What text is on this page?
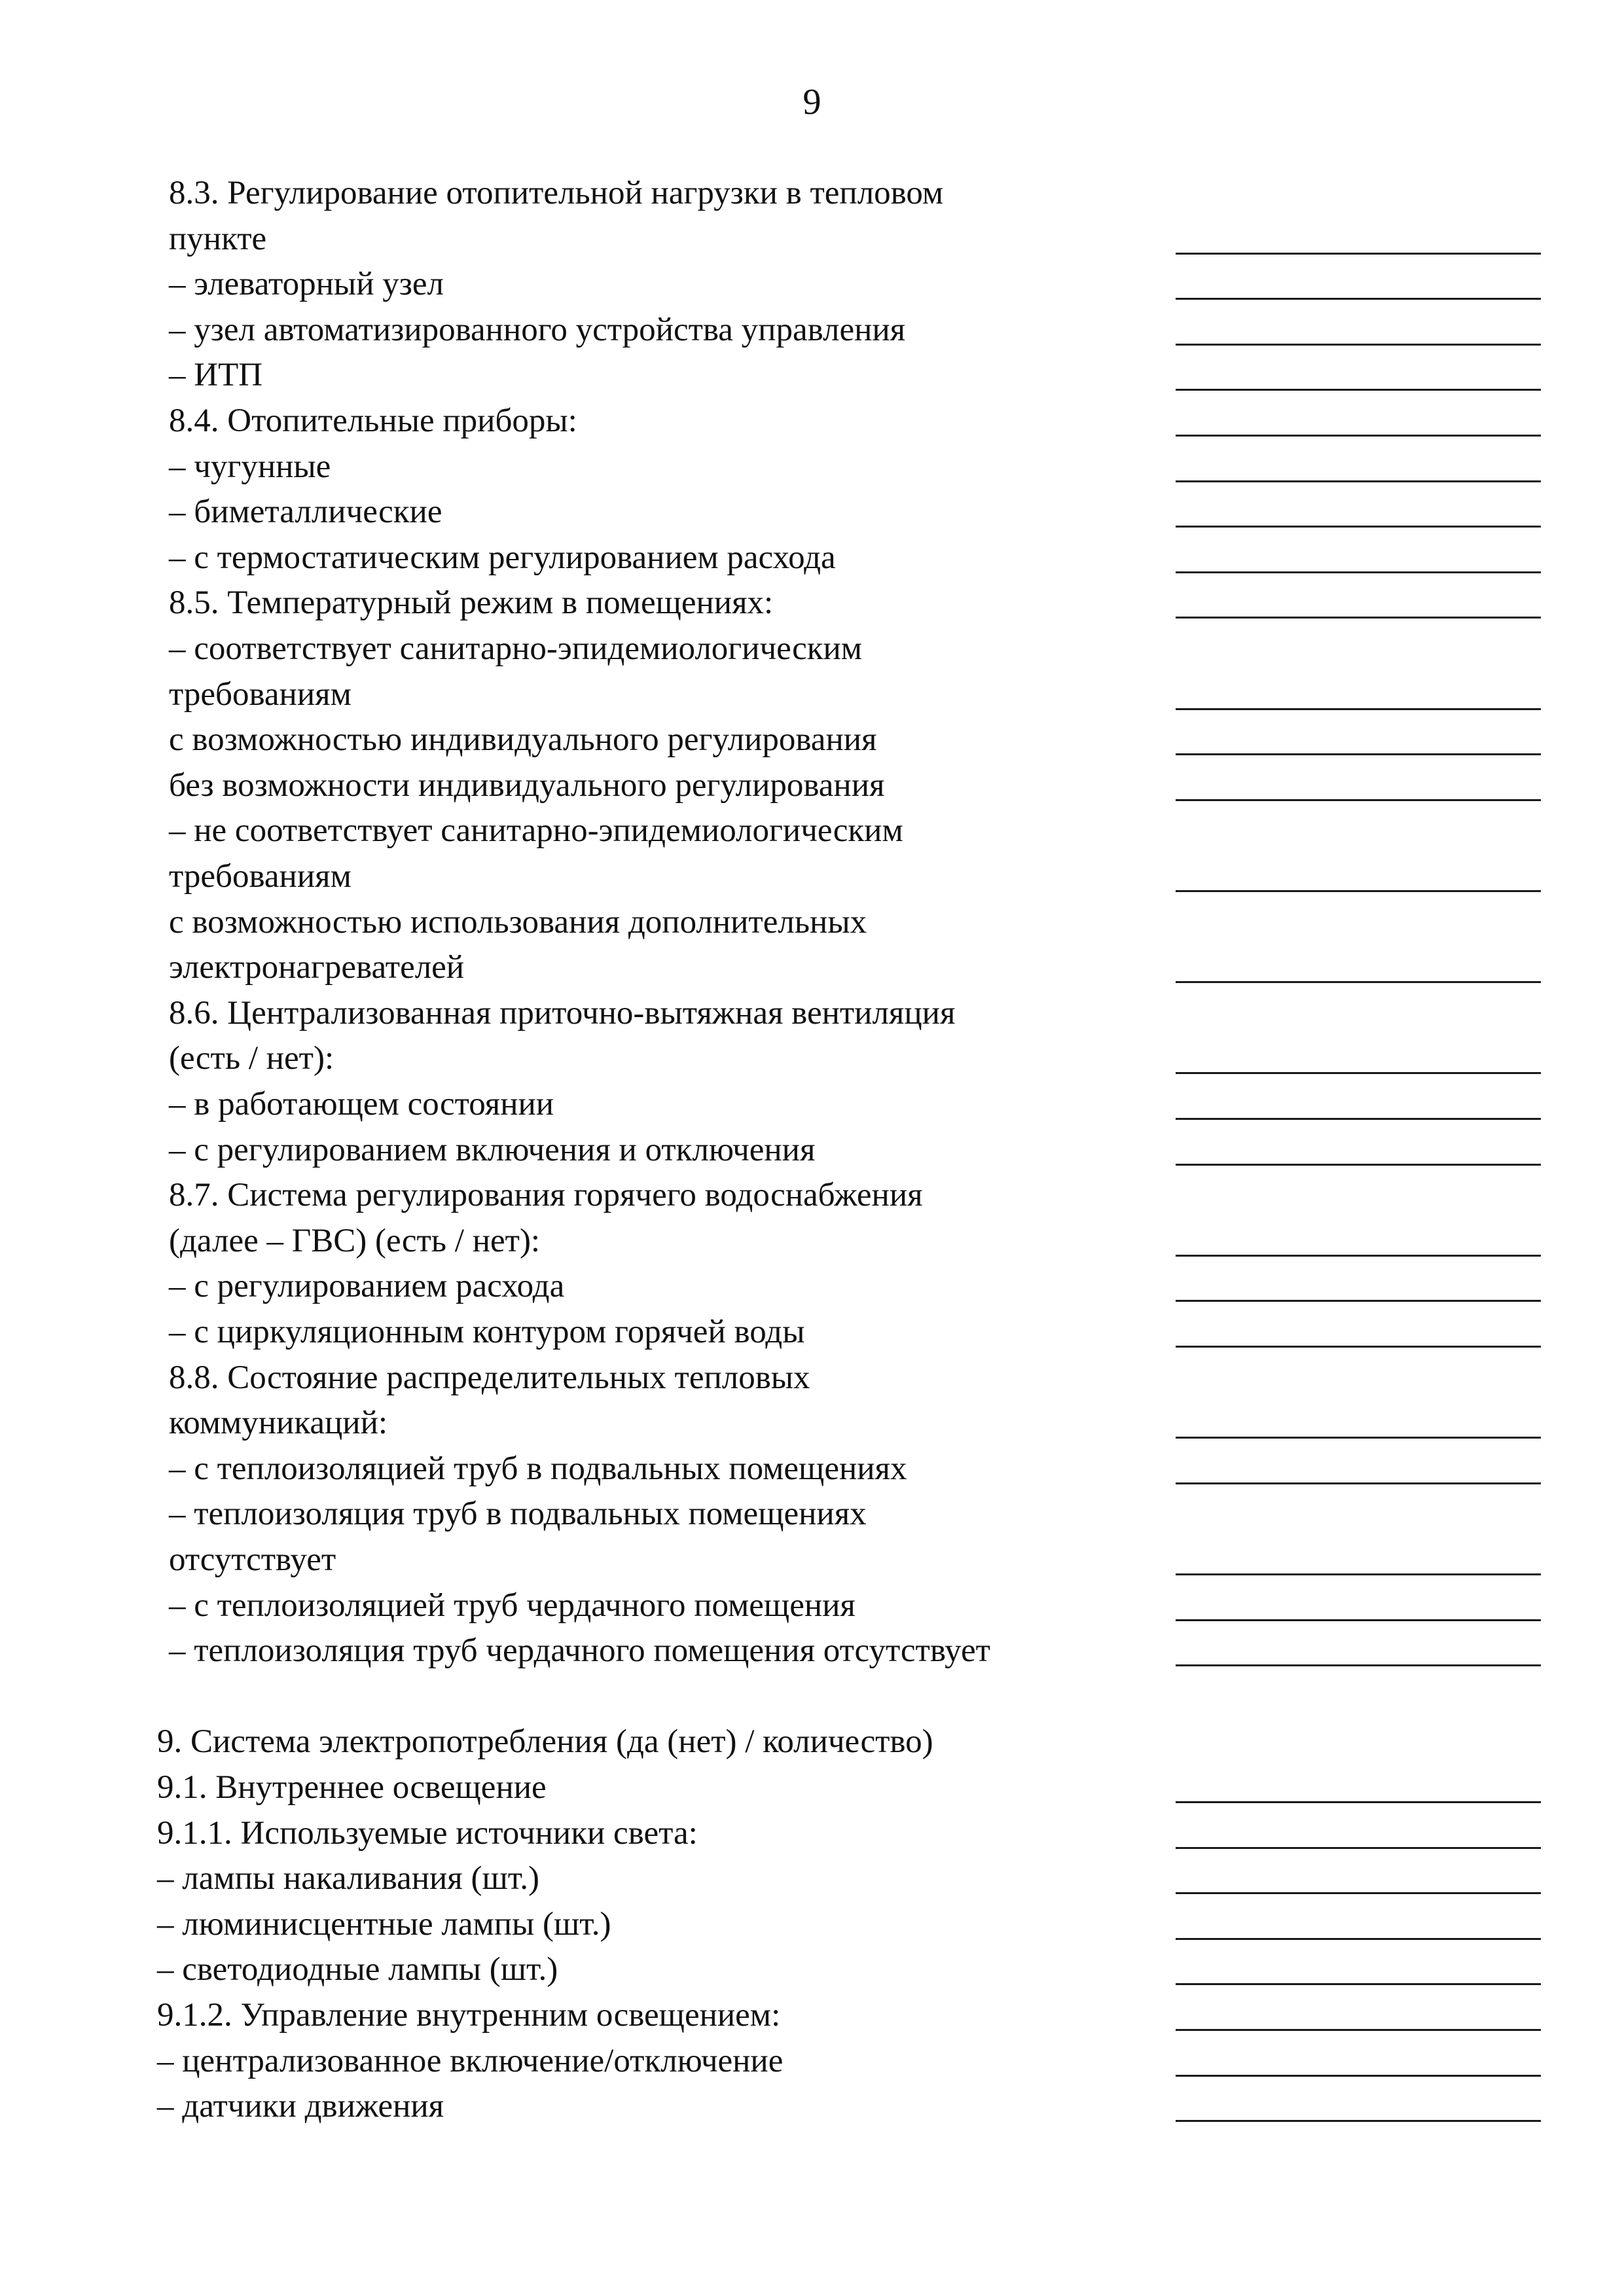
9
8.3. Регулирование отопительной нагрузки в тепловом
пункте
– элеваторный узел
– узел автоматизированного устройства управления
– ИТП
8.4. Отопительные приборы:
– чугунные
– биметаллические
– с термостатическим регулированием расхода
8.5. Температурный режим в помещениях:
– соответствует санитарно-эпидемиологическим
требованиям
с возможностью индивидуального регулирования
без возможности индивидуального регулирования
– не соответствует санитарно-эпидемиологическим
требованиям
с возможностью использования дополнительных
электронагревателей
8.6. Централизованная приточно-вытяжная вентиляция
(есть / нет):
– в работающем состоянии
– с регулированием включения и отключения
8.7. Система регулирования горячего водоснабжения
(далее – ГВС) (есть / нет):
– с регулированием расхода
– с циркуляционным контуром горячей воды
8.8. Состояние распределительных тепловых
коммуникаций:
– с теплоизоляцией труб в подвальных помещениях
– теплоизоляция труб в подвальных помещениях
отсутствует
– с теплоизоляцией труб чердачного помещения
– теплоизоляция труб чердачного помещения отсутствует
9. Система электропотребления (да (нет) / количество)
9.1. Внутреннее освещение
9.1.1. Используемые источники света:
– лампы накаливания (шт.)
– люминисцентные лампы (шт.)
– светодиодные лампы (шт.)
9.1.2. Управление внутренним освещением:
– централизованное включение/отключение
– датчики движения
